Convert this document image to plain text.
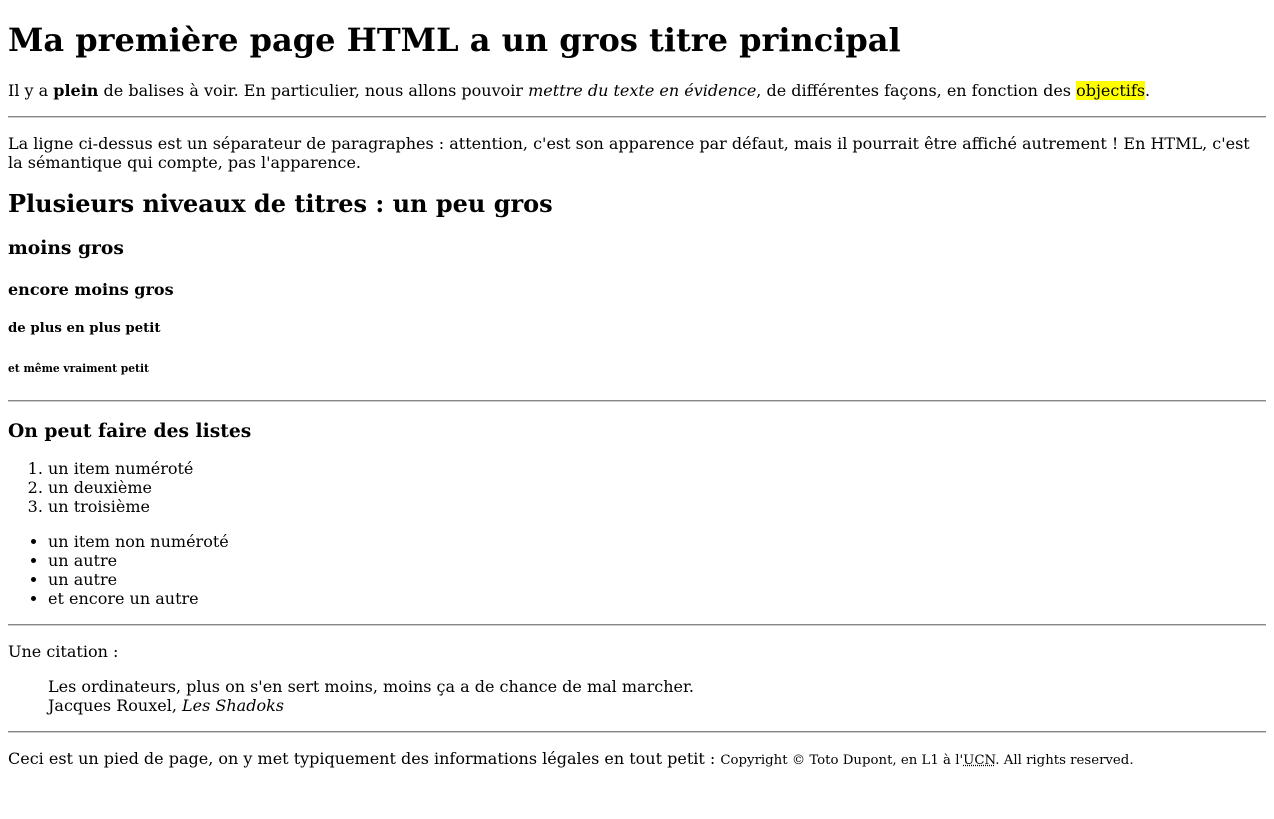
Ma première page HTML a un gros titre principal

Il y a plein de balises à voir. En particulier, nous allons pouvoir mettre du texte en évidence, de différentes façons, en fonction des objectifs.

La ligne ci-dessus est un séparateur de paragraphes : attention, c'est son apparence par défaut, mais il pourrait être affiché autrement ! En HTML, c'est la sémantique qui compte, pas l'apparence.

Plusieurs niveaux de titres : un peu gros
moins gros
encore moins gros
de plus en plus petit
et même vraiment petit
On peut faire des listes
1. un item numéroté
2. un deuxième
3. un troisième
• un item non numéroté
• un autre
• un autre
• et encore un autre

Une citation :

Les ordinateurs, plus on s'en sert moins, moins ça a de chance de mal marcher.
Jacques Rouxel, Les Shadoks
Ceci est un pied de page, on y met typiquement des informations légales en tout petit : Copyright © Toto Dupont, en L1 à l'UCN. All rights reserved.
